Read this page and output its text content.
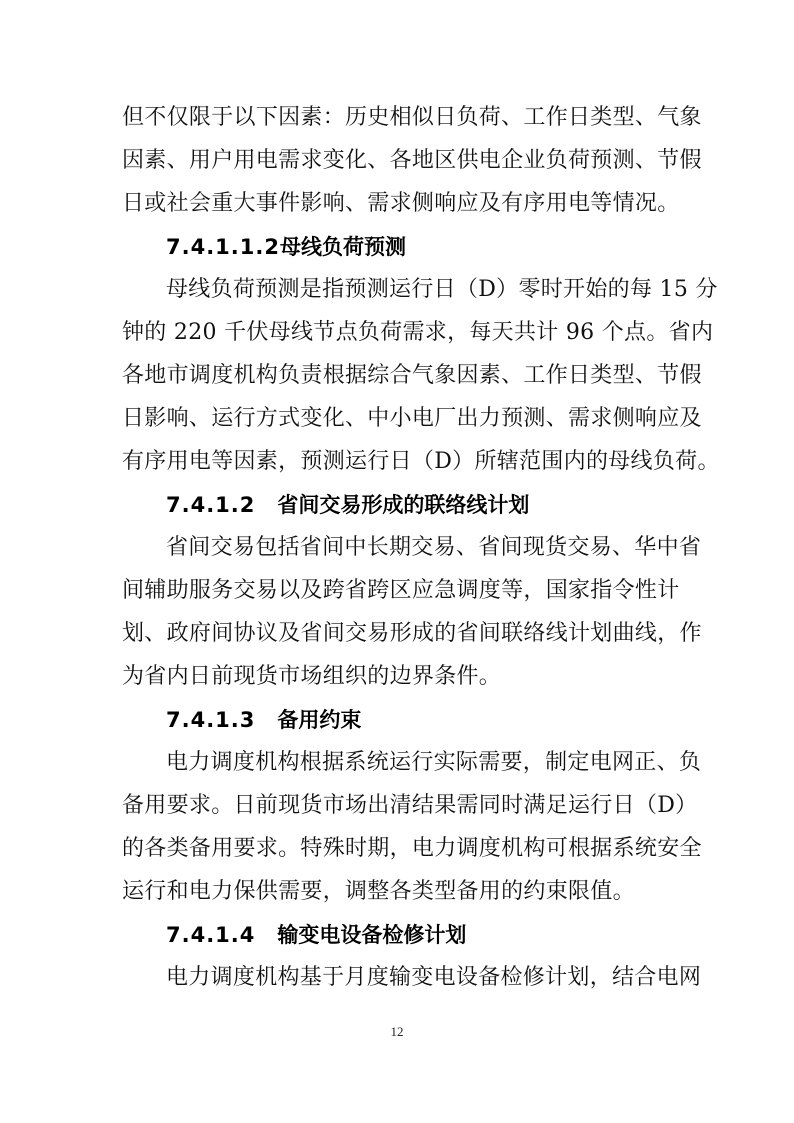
但不仅限于以下因素：历史相似日负荷、工作日类型、气象
因素、用户用电需求变化、各地区供电企业负荷预测、节假
日或社会重大事件影响、需求侧响应及有序用电等情况。
7.4.1.1.2母线负荷预测
母线负荷预测是指预测运行日（D）零时开始的每 15 分
钟的 220 千伏母线节点负荷需求，每天共计 96 个点。省内
各地市调度机构负责根据综合气象因素、工作日类型、节假
日影响、运行方式变化、中小电厂出力预测、需求侧响应及
有序用电等因素，预测运行日（D）所辖范围内的母线负荷。
7.4.1.2 省间交易形成的联络线计划
省间交易包括省间中长期交易、省间现货交易、华中省
间辅助服务交易以及跨省跨区应急调度等，国家指令性计
划、政府间协议及省间交易形成的省间联络线计划曲线，作
为省内日前现货市场组织的边界条件。
7.4.1.3 备用约束
电力调度机构根据系统运行实际需要，制定电网正、负
备用要求。日前现货市场出清结果需同时满足运行日（D）
的各类备用要求。特殊时期，电力调度机构可根据系统安全
运行和电力保供需要，调整各类型备用的约束限值。
7.4.1.4 输变电设备检修计划
电力调度机构基于月度输变电设备检修计划，结合电网
12
